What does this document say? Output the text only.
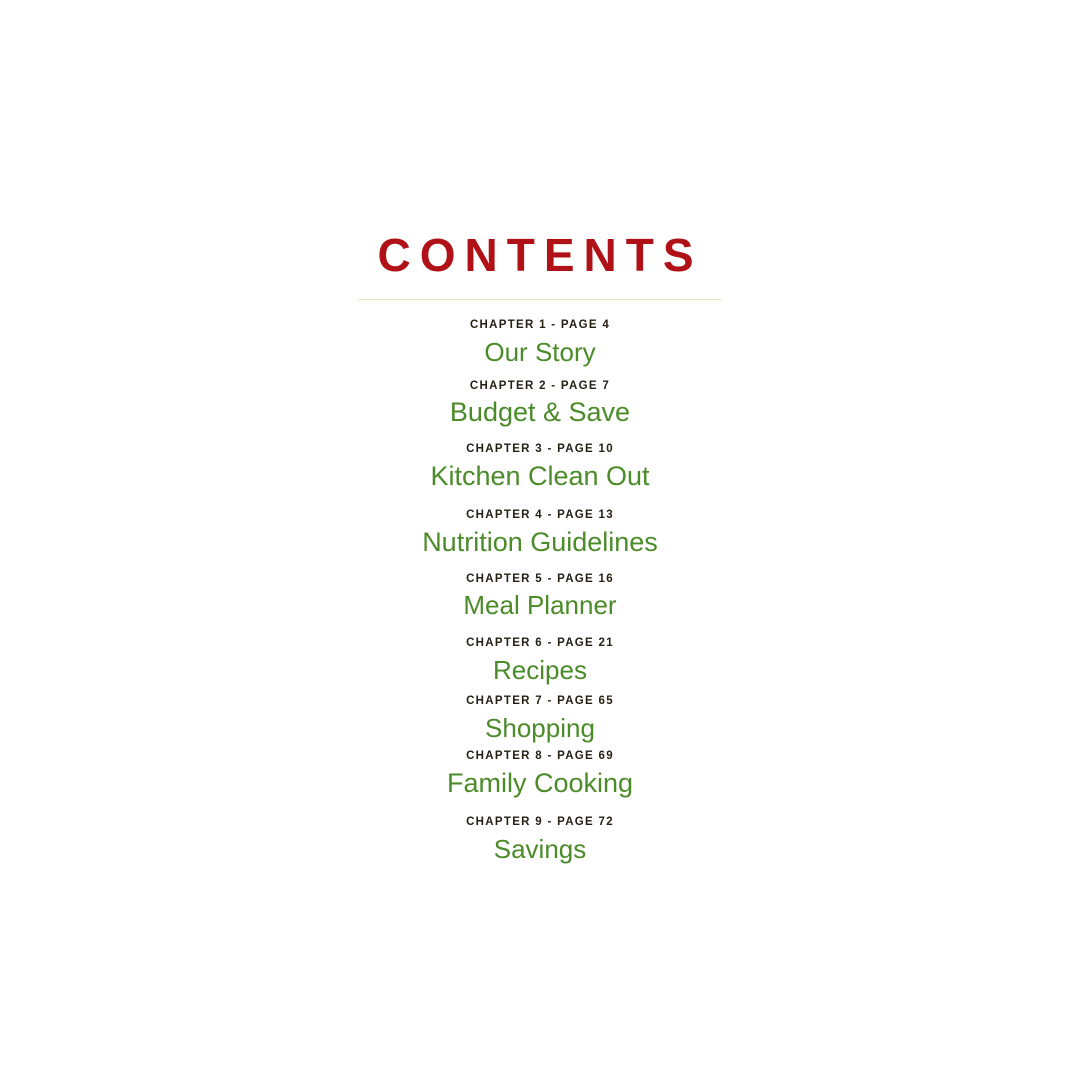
CONTENTS
CHAPTER 1 - PAGE 4
Our Story
CHAPTER 2 - PAGE 7
Budget & Save
CHAPTER 3 - PAGE 10
Kitchen Clean Out
CHAPTER 4 - PAGE 13
Nutrition Guidelines
CHAPTER 5 - PAGE 16
Meal Planner
CHAPTER 6 - PAGE 21
Recipes
CHAPTER 7 - PAGE 65
Shopping
CHAPTER 8 - PAGE 69
Family Cooking
CHAPTER 9 - PAGE 72
Savings
